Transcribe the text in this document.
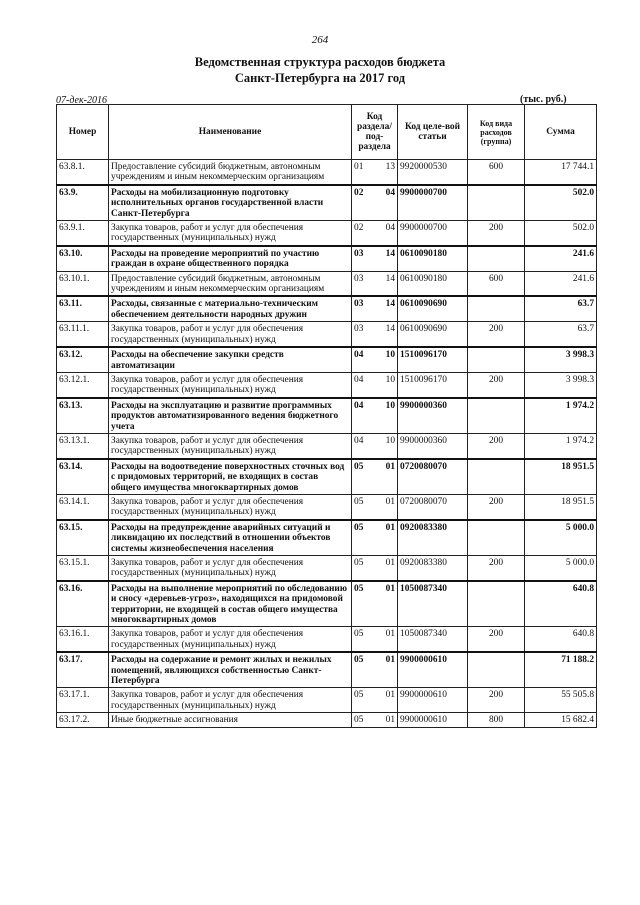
264
Ведомственная структура расходов бюджета
Санкт-Петербурга на 2017 год
07-дек-2016	(тыс. руб.)
Номер	Наименование	Код раздела/ под-раздела		Код целе-вой статьи	Код вида расходов (группа)	Сумма
63.8.1.	Предоставление субсидий бюджетным, автономным учреждениям и иным некоммерческим организациям	01	13	9920000530	600	17 744.1
63.9.	Расходы на мобилизационную подготовку исполнительных органов государственной власти Санкт-Петербурга	02	04	9900000700		502.0
63.9.1.	Закупка товаров, работ и услуг для обеспечения государственных (муниципальных) нужд	02	04	9900000700	200	502.0
63.10.	Расходы на проведение мероприятий по участию граждан в охране общественного порядка	03	14	0610090180		241.6
63.10.1.	Предоставление субсидий бюджетным, автономным учреждениям и иным некоммерческим организациям	03	14	0610090180	600	241.6
63.11.	Расходы, связанные с материально-техническим обеспечением деятельности народных дружин	03	14	0610090690		63.7
63.11.1.	Закупка товаров, работ и услуг для обеспечения государственных (муниципальных) нужд	03	14	0610090690	200	63.7
63.12.	Расходы на обеспечение закупки средств автоматизации	04	10	1510096170		3 998.3
63.12.1.	Закупка товаров, работ и услуг для обеспечения государственных (муниципальных) нужд	04	10	1510096170	200	3 998.3
63.13.	Расходы на эксплуатацию и развитие программных продуктов автоматизированного ведения бюджетного учета	04	10	9900000360		1 974.2
63.13.1.	Закупка товаров, работ и услуг для обеспечения государственных (муниципальных) нужд	04	10	9900000360	200	1 974.2
63.14.	Расходы на водоотведение поверхностных сточных вод с придомовых территорий, не входящих в состав общего имущества многоквартирных домов	05	01	0720080070		18 951.5
63.14.1.	Закупка товаров, работ и услуг для обеспечения государственных (муниципальных) нужд	05	01	0720080070	200	18 951.5
63.15.	Расходы на предупреждение аварийных ситуаций и ликвидацию их последствий в отношении объектов системы жизнеобеспечения населения	05	01	0920083380		5 000.0
63.15.1.	Закупка товаров, работ и услуг для обеспечения государственных (муниципальных) нужд	05	01	0920083380	200	5 000.0
63.16.	Расходы на выполнение мероприятий по обследованию и сносу «деревьев-угроз», находящихся на придомовой территории, не входящей в состав общего имущества многоквартирных домов	05	01	1050087340		640.8
63.16.1.	Закупка товаров, работ и услуг для обеспечения государственных (муниципальных) нужд	05	01	1050087340	200	640.8
63.17.	Расходы на содержание и ремонт жилых и нежилых помещений, являющихся собственностью Санкт-Петербурга	05	01	9900000610		71 188.2
63.17.1.	Закупка товаров, работ и услуг для обеспечения государственных (муниципальных) нужд	05	01	9900000610	200	55 505.8
63.17.2.	Иные бюджетные ассигнования	05	01	9900000610	800	15 682.4
